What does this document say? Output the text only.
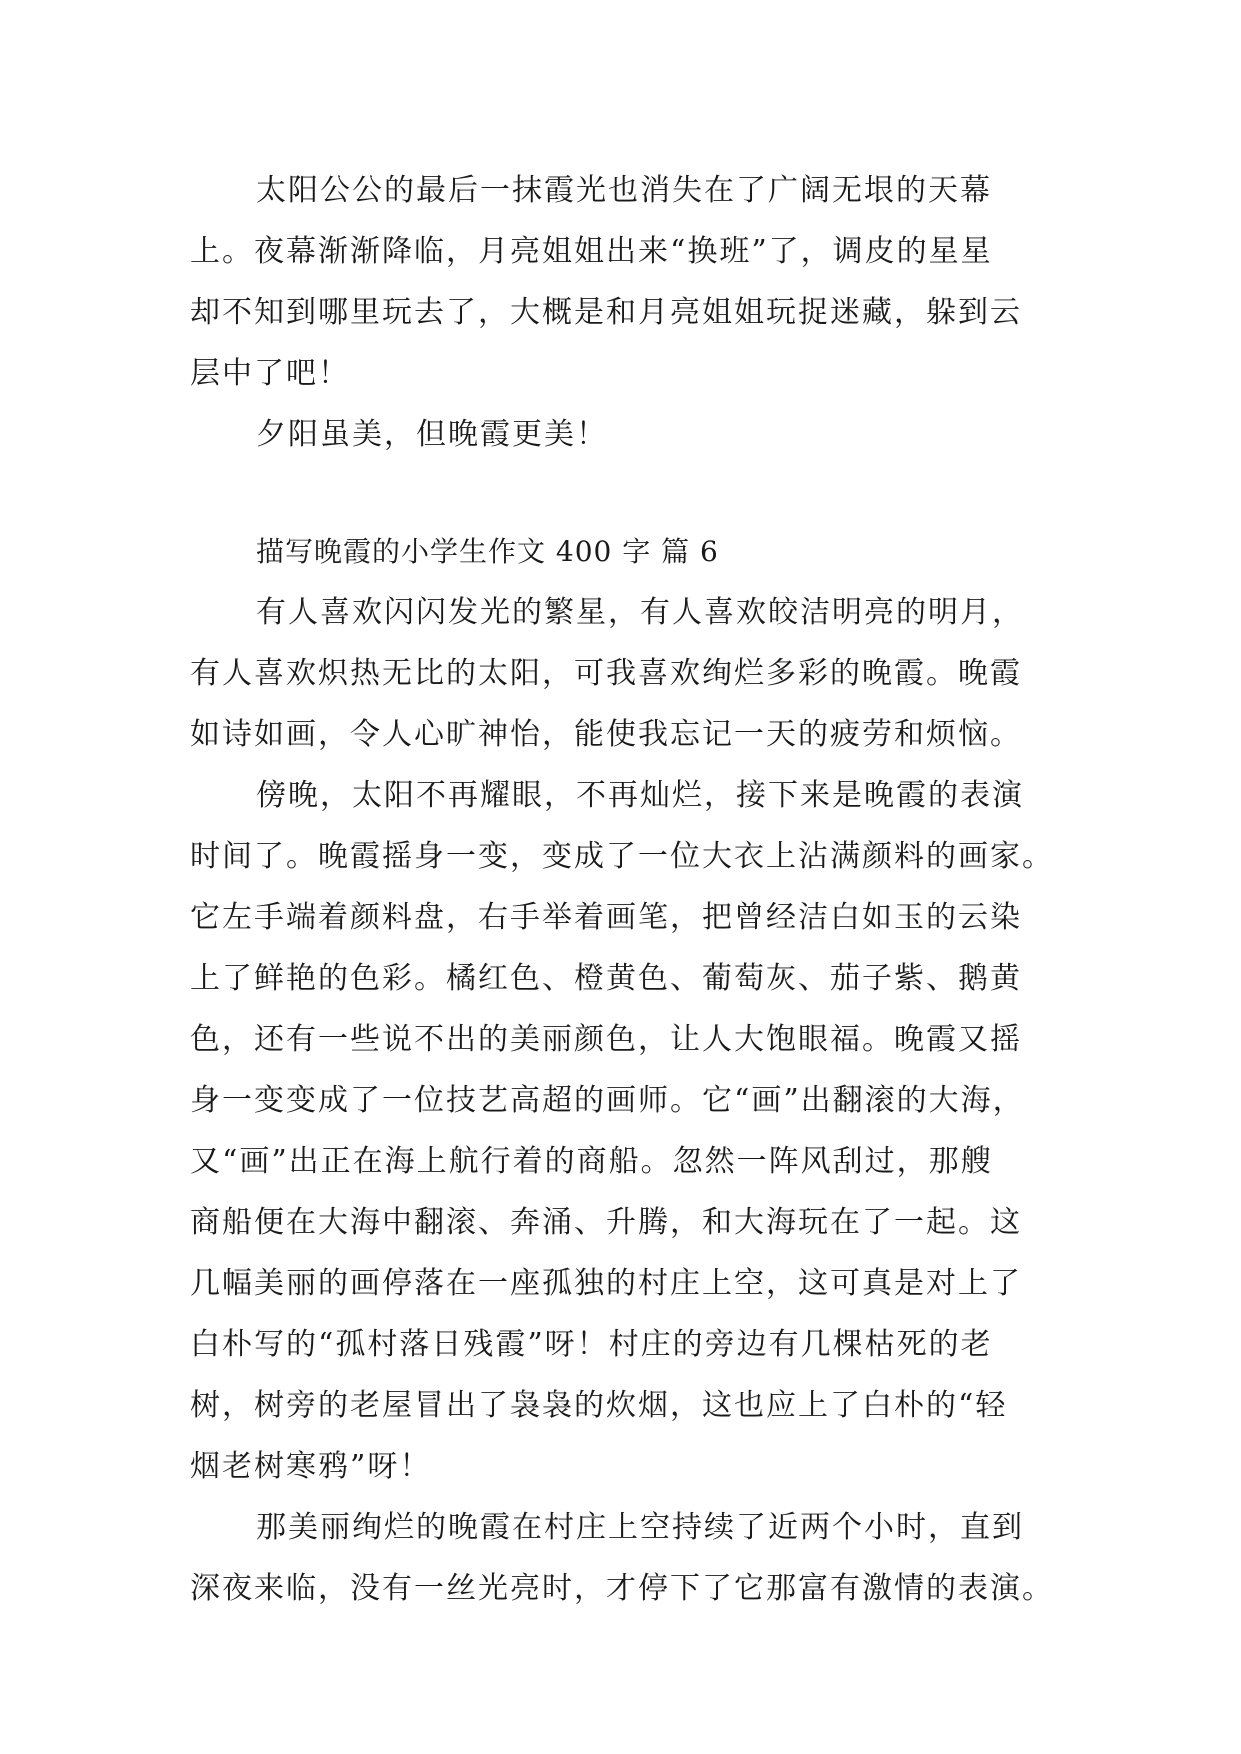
太阳公公的最后一抹霞光也消失在了广阔无垠的天幕
上。夜幕渐渐降临，月亮姐姐出来“换班”了，调皮的星星
却不知到哪里玩去了，大概是和月亮姐姐玩捉迷藏，躲到云
层中了吧！
夕阳虽美，但晚霞更美！
描写晚霞的小学生作文 400 字 篇 6
有人喜欢闪闪发光的繁星，有人喜欢皎洁明亮的明月，
有人喜欢炽热无比的太阳，可我喜欢绚烂多彩的晚霞。晚霞
如诗如画，令人心旷神怡，能使我忘记一天的疲劳和烦恼。
傍晚，太阳不再耀眼，不再灿烂，接下来是晚霞的表演
时间了。晚霞摇身一变，变成了一位大衣上沾满颜料的画家。
它左手端着颜料盘，右手举着画笔，把曾经洁白如玉的云染
上了鲜艳的色彩。橘红色、橙黄色、葡萄灰、茄子紫、鹅黄
色，还有一些说不出的美丽颜色，让人大饱眼福。晚霞又摇
身一变变成了一位技艺高超的画师。它“画”出翻滚的大海，
又“画”出正在海上航行着的商船。忽然一阵风刮过，那艘
商船便在大海中翻滚、奔涌、升腾，和大海玩在了一起。这
几幅美丽的画停落在一座孤独的村庄上空，这可真是对上了
白朴写的“孤村落日残霞”呀！村庄的旁边有几棵枯死的老
树，树旁的老屋冒出了袅袅的炊烟，这也应上了白朴的“轻
烟老树寒鸦”呀！
那美丽绚烂的晚霞在村庄上空持续了近两个小时，直到
深夜来临，没有一丝光亮时，才停下了它那富有激情的表演。
